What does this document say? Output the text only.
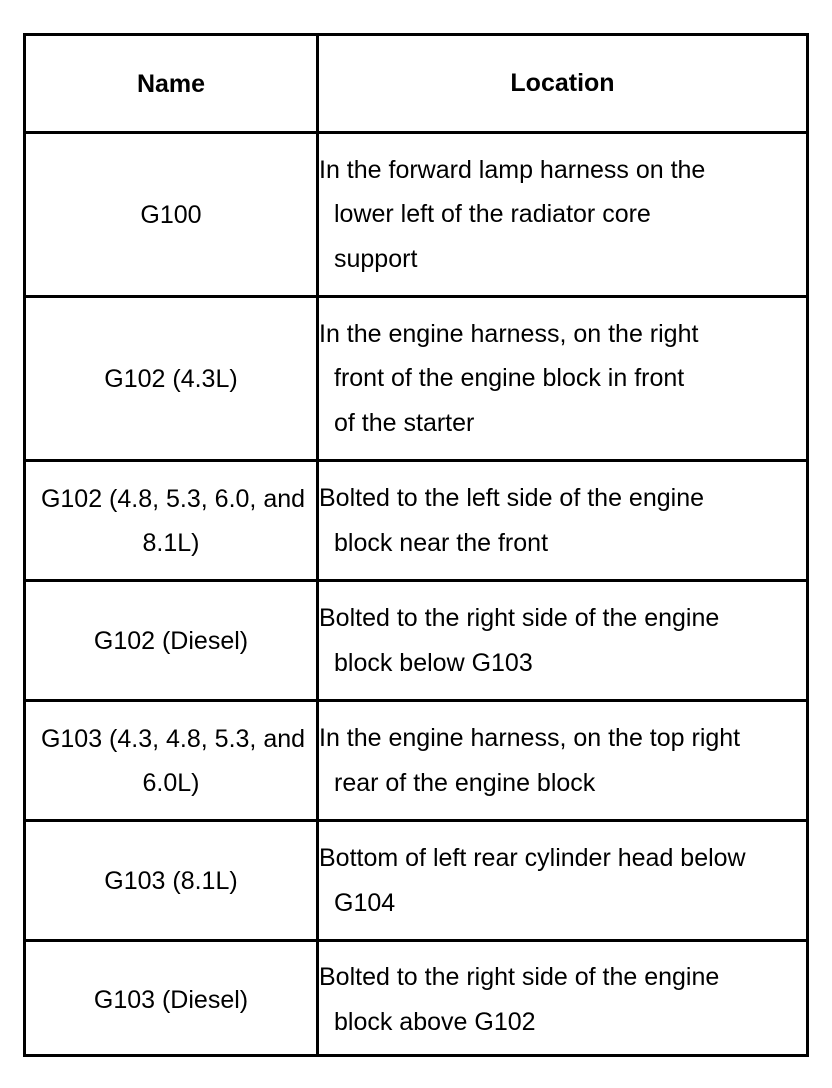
Name	Location
G100
In the forward lamp harness on the
lower left of the radiator core
support
G102 (4.3L)
In the engine harness, on the right
front of the engine block in front
of the starter
G102 (4.8, 5.3, 6.0, and
8.1L)
Bolted to the left side of the engine
block near the front
G102 (Diesel)
Bolted to the right side of the engine
block below G103
G103 (4.3, 4.8, 5.3, and
6.0L)
In the engine harness, on the top right
rear of the engine block
G103 (8.1L)
Bottom of left rear cylinder head below
G104
G103 (Diesel)
Bolted to the right side of the engine
block above G102
